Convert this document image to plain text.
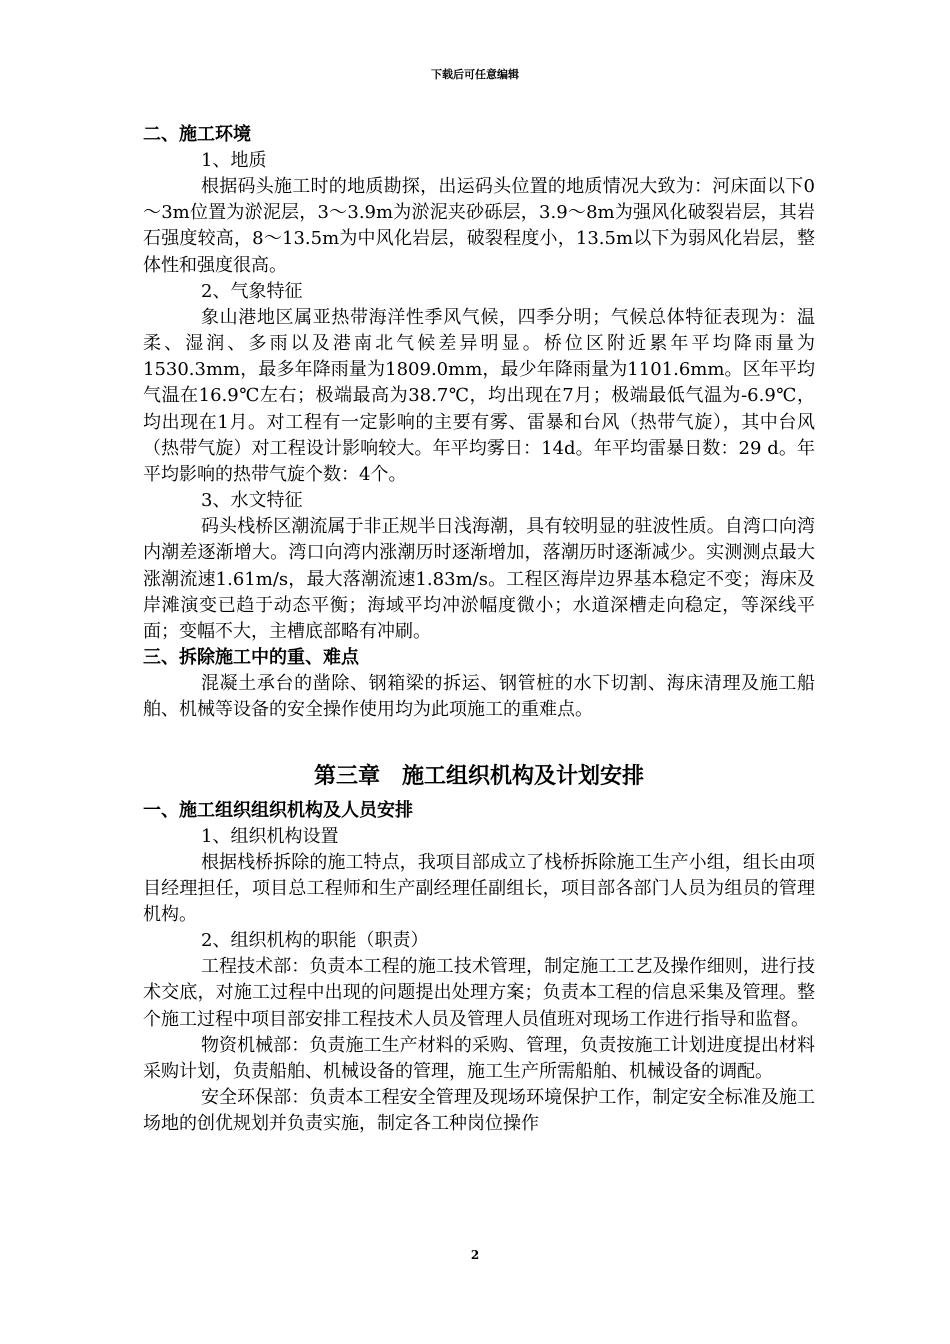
下载后可任意编辑
二、施工环境
1、地质

根据码头施工时的地质勘探，出运码头位置的地质情况大致为：河床面以下0～3m位置为淤泥层，3～3.9m为淤泥夹砂砾层，3.9～8m为强风化破裂岩层，其岩石强度较高，8～13.5m为中风化岩层，破裂程度小，13.5m以下为弱风化岩层，整体性和强度很高。

2、气象特征

象山港地区属亚热带海洋性季风气候，四季分明；气候总体特征表现为：温柔、湿润、多雨以及港南北气候差异明显。桥位区附近累年平均降雨量为1530.3mm，最多年降雨量为1809.0mm，最少年降雨量为1101.6mm。区年平均气温在16.9℃左右；极端最高为38.7℃，均出现在7月；极端最低气温为-6.9℃，均出现在1月。对工程有一定影响的主要有雾、雷暴和台风（热带气旋），其中台风（热带气旋）对工程设计影响较大。年平均雾日：14d。年平均雷暴日数：29 d。年平均影响的热带气旋个数：4个。

3、水文特征

码头栈桥区潮流属于非正规半日浅海潮，具有较明显的驻波性质。自湾口向湾内潮差逐渐增大。湾口向湾内涨潮历时逐渐增加，落潮历时逐渐减少。实测测点最大涨潮流速1.61m/s，最大落潮流速1.83m/s。工程区海岸边界基本稳定不变；海床及岸滩演变已趋于动态平衡；海域平均冲淤幅度微小；水道深槽走向稳定，等深线平面；变幅不大，主槽底部略有冲刷。

三、拆除施工中的重、难点

混凝土承台的凿除、钢箱梁的拆运、钢管桩的水下切割、海床清理及施工船舶、机械等设备的安全操作使用均为此项施工的重难点。

第三章　施工组织机构及计划安排
一、施工组织组织机构及人员安排
1、组织机构设置

根据栈桥拆除的施工特点，我项目部成立了栈桥拆除施工生产小组，组长由项目经理担任，项目总工程师和生产副经理任副组长，项目部各部门人员为组员的管理机构。

2、组织机构的职能（职责）

工程技术部：负责本工程的施工技术管理，制定施工工艺及操作细则，进行技术交底，对施工过程中出现的问题提出处理方案；负责本工程的信息采集及管理。整个施工过程中项目部安排工程技术人员及管理人员值班对现场工作进行指导和监督。

物资机械部：负责施工生产材料的采购、管理，负责按施工计划进度提出材料采购计划，负责船舶、机械设备的管理，施工生产所需船舶、机械设备的调配。

安全环保部：负责本工程安全管理及现场环境保护工作，制定安全标准及施工场地的创优规划并负责实施，制定各工种岗位操作

2
